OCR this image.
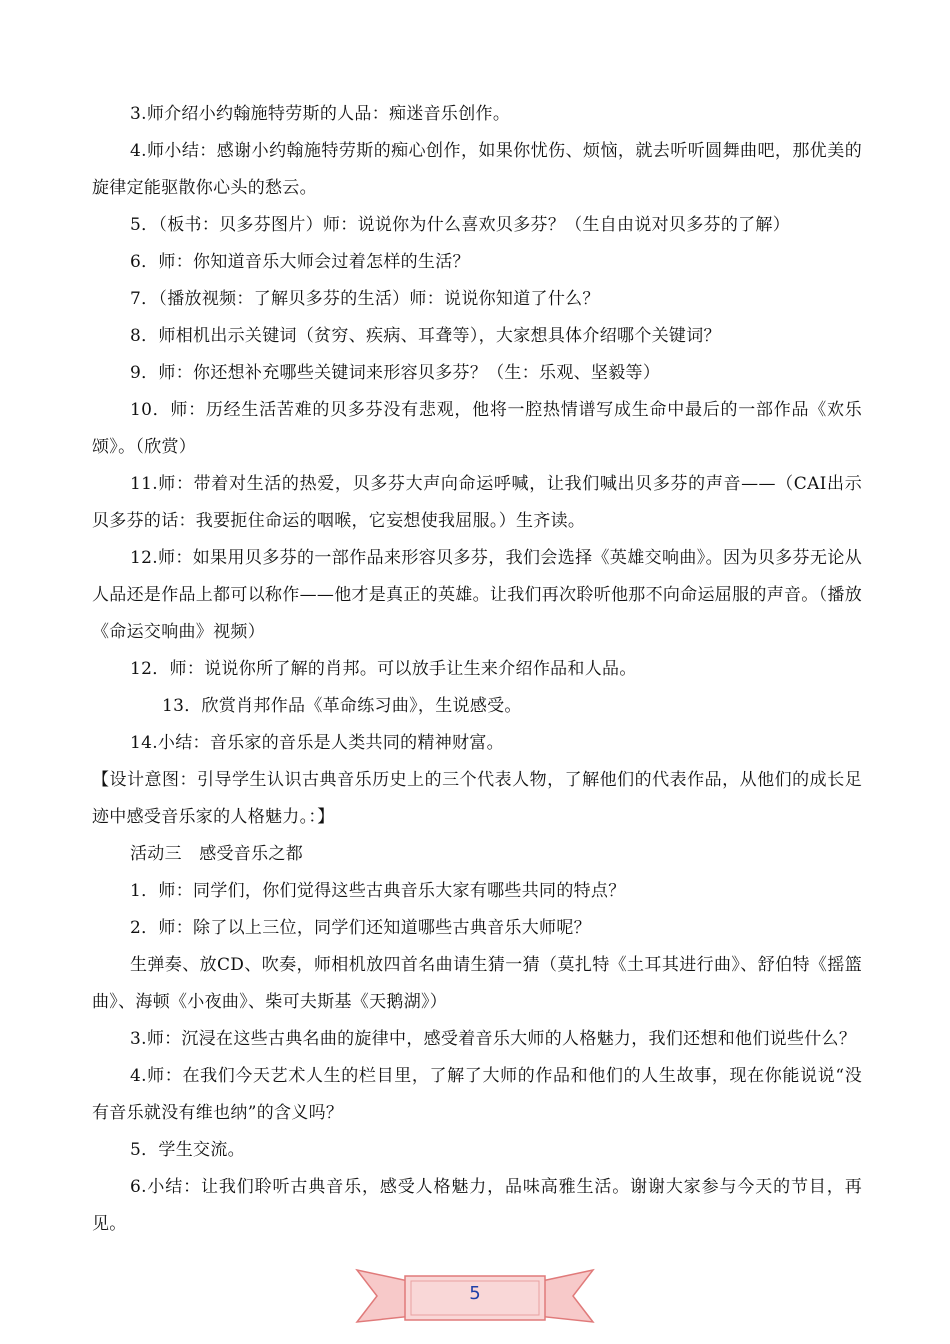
3.师介绍小约翰施特劳斯的人品：痴迷音乐创作。

4.师小结：感谢小约翰施特劳斯的痴心创作，如果你忧伤、烦恼，就去听听圆舞曲吧，那优美的旋律定能驱散你心头的愁云。

5．（板书：贝多芬图片）师：说说你为什么喜欢贝多芬？（生自由说对贝多芬的了解）

6．师：你知道音乐大师会过着怎样的生活？

7．（播放视频：了解贝多芬的生活）师：说说你知道了什么？

8．师相机出示关键词（贫穷、疾病、耳聋等），大家想具体介绍哪个关键词？

9．师：你还想补充哪些关键词来形容贝多芬？（生：乐观、坚毅等）

10．师：历经生活苦难的贝多芬没有悲观，他将一腔热情谱写成生命中最后的一部作品《欢乐颂》。（欣赏）

11.师：带着对生活的热爱，贝多芬大声向命运呼喊，让我们喊出贝多芬的声音——（CAI出示贝多芬的话：我要扼住命运的咽喉，它妄想使我屈服。）生齐读。

12.师：如果用贝多芬的一部作品来形容贝多芬，我们会选择《英雄交响曲》。因为贝多芬无论从人品还是作品上都可以称作——他才是真正的英雄。让我们再次聆听他那不向命运屈服的声音。（播放《命运交响曲》视频）

12．师：说说你所了解的肖邦。可以放手让生来介绍作品和人品。

13．欣赏肖邦作品《革命练习曲》，生说感受。

14.小结：音乐家的音乐是人类共同的精神财富。

【设计意图：引导学生认识古典音乐历史上的三个代表人物，了解他们的代表作品，从他们的成长足迹中感受音乐家的人格魅力。：】

活动三　感受音乐之都

1．师：同学们，你们觉得这些古典音乐大家有哪些共同的特点？

2．师：除了以上三位，同学们还知道哪些古典音乐大师呢？

生弹奏、放CD、吹奏，师相机放四首名曲请生猜一猜（莫扎特《土耳其进行曲》、舒伯特《摇篮曲》、海顿《小夜曲》、柴可夫斯基《天鹅湖》）

3.师：沉浸在这些古典名曲的旋律中，感受着音乐大师的人格魅力，我们还想和他们说些什么？

4.师：在我们今天艺术人生的栏目里，了解了大师的作品和他们的人生故事，现在你能说说“没有音乐就没有维也纳”的含义吗？

5．学生交流。

6.小结：让我们聆听古典音乐，感受人格魅力，品味高雅生活。谢谢大家参与今天的节目，再见。

5
